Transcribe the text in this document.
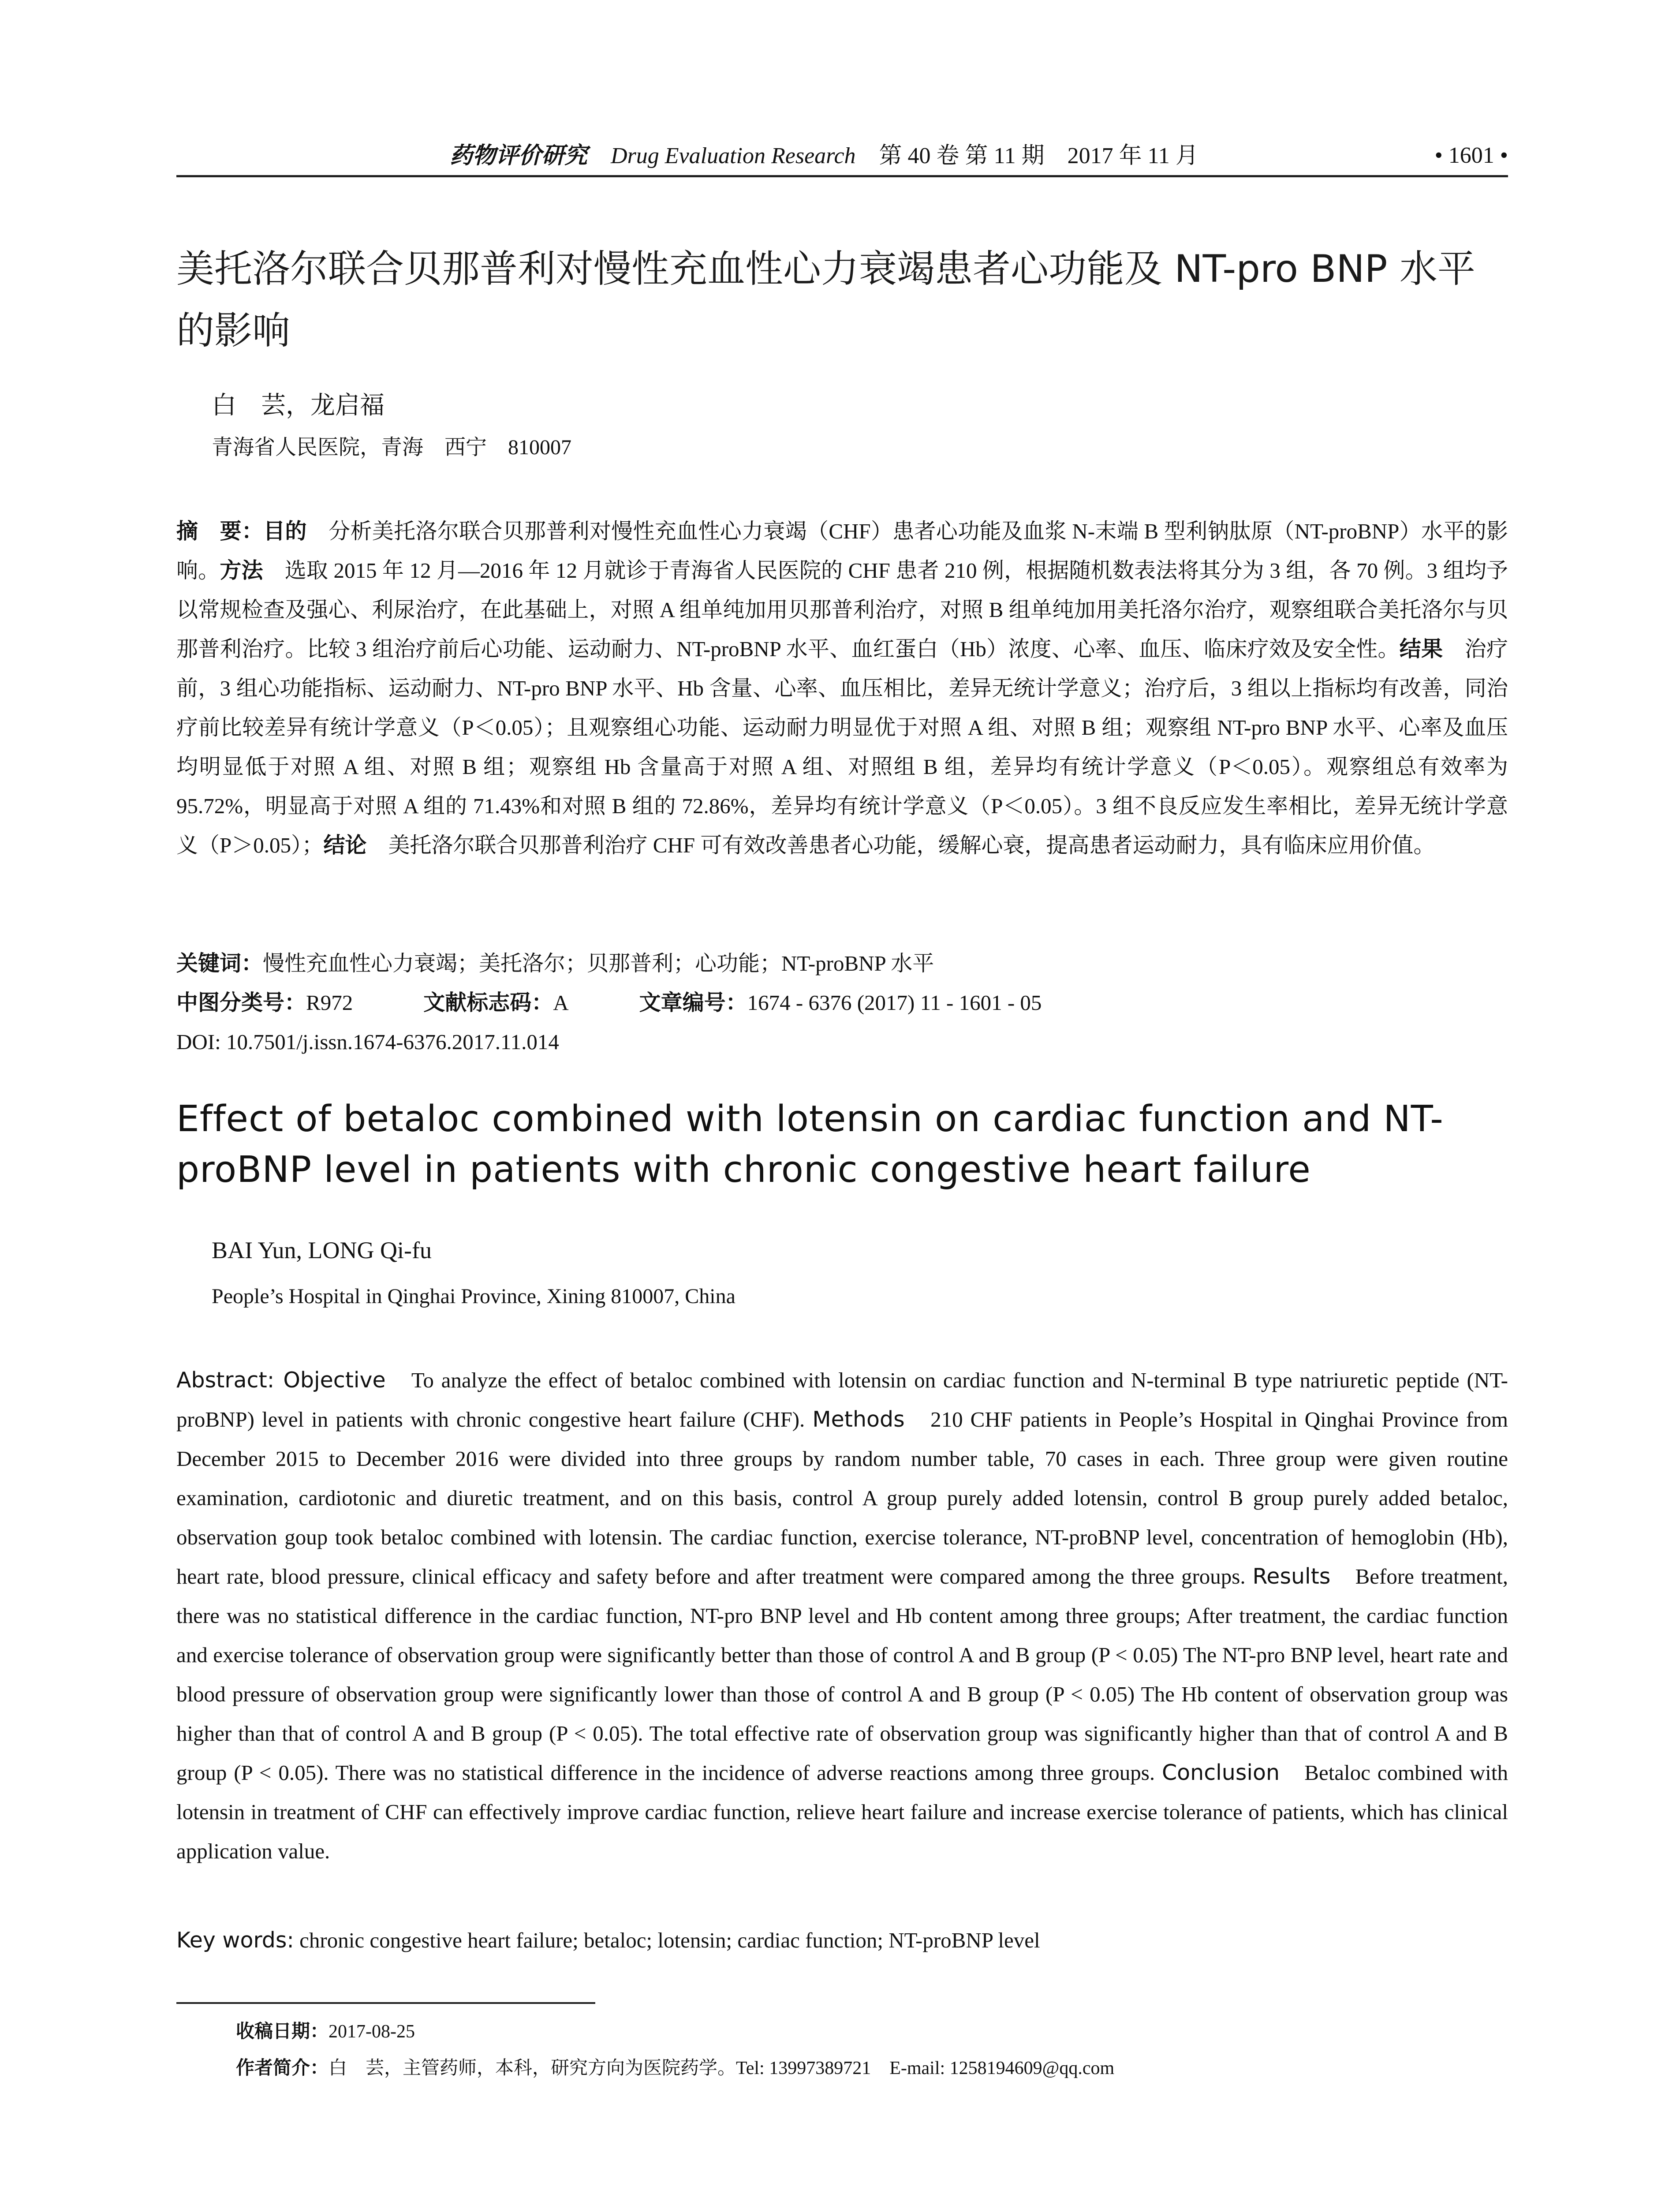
药物评价研究 Drug Evaluation Research 第 40 卷 第 11 期　2017 年 11 月	• 1601 •
美托洛尔联合贝那普利对慢性充血性心力衰竭患者心功能及 NT-pro BNP 水平的影响
白　芸，龙启福
青海省人民医院，青海　西宁　810007
摘　要：目的　分析美托洛尔联合贝那普利对慢性充血性心力衰竭（CHF）患者心功能及血浆 N-末端 B 型利钠肽原（NT-proBNP）水平的影响。方法　选取 2015 年 12 月—2016 年 12 月就诊于青海省人民医院的 CHF 患者 210 例，根据随机数表法将其分为 3 组，各 70 例。3 组均予以常规检查及强心、利尿治疗，在此基础上，对照 A 组单纯加用贝那普利治疗，对照 B 组单纯加用美托洛尔治疗，观察组联合美托洛尔与贝那普利治疗。比较 3 组治疗前后心功能、运动耐力、NT-proBNP 水平、血红蛋白（Hb）浓度、心率、血压、临床疗效及安全性。结果　治疗前，3 组心功能指标、运动耐力、NT-pro BNP 水平、Hb 含量、心率、血压相比，差异无统计学意义；治疗后，3 组以上指标均有改善，同治疗前比较差异有统计学意义（P＜0.05）；且观察组心功能、运动耐力明显优于对照 A 组、对照 B 组；观察组 NT-pro BNP 水平、心率及血压均明显低于对照 A 组、对照 B 组；观察组 Hb 含量高于对照 A 组、对照组 B 组，差异均有统计学意义（P＜0.05）。观察组总有效率为 95.72%，明显高于对照 A 组的 71.43%和对照 B 组的 72.86%，差异均有统计学意义（P＜0.05）。3 组不良反应发生率相比，差异无统计学意义（P＞0.05）；结论　美托洛尔联合贝那普利治疗 CHF 可有效改善患者心功能，缓解心衰，提高患者运动耐力，具有临床应用价值。
关键词：慢性充血性心力衰竭；美托洛尔；贝那普利；心功能；NT-proBNP 水平
中图分类号：R972	文献标志码：A	文章编号：1674 - 6376 (2017) 11 - 1601 - 05
DOI: 10.7501/j.issn.1674-6376.2017.11.014
Effect of betaloc combined with lotensin on cardiac function and NT-proBNP level in patients with chronic congestive heart failure
BAI Yun, LONG Qi-fu
People’s Hospital in Qinghai Province, Xining 810007, China
Abstract: Objective　To analyze the effect of betaloc combined with lotensin on cardiac function and N-terminal B type natriuretic peptide (NT-proBNP) level in patients with chronic congestive heart failure (CHF). Methods　210 CHF patients in People’s Hospital in Qinghai Province from December 2015 to December 2016 were divided into three groups by random number table, 70 cases in each. Three group were given routine examination, cardiotonic and diuretic treatment, and on this basis, control A group purely added lotensin, control B group purely added betaloc, observation goup took betaloc combined with lotensin. The cardiac function, exercise tolerance, NT-proBNP level, concentration of hemoglobin (Hb), heart rate, blood pressure, clinical efficacy and safety before and after treatment were compared among the three groups. Results　Before treatment, there was no statistical difference in the cardiac function, NT-pro BNP level and Hb content among three groups; After treatment, the cardiac function and exercise tolerance of observation group were significantly better than those of control A and B group (P < 0.05) The NT-pro BNP level, heart rate and blood pressure of observation group were significantly lower than those of control A and B group (P < 0.05) The Hb content of observation group was higher than that of control A and B group (P < 0.05). The total effective rate of observation group was significantly higher than that of control A and B group (P < 0.05). There was no statistical difference in the incidence of adverse reactions among three groups. Conclusion　Betaloc combined with lotensin in treatment of CHF can effectively improve cardiac function, relieve heart failure and increase exercise tolerance of patients, which has clinical application value.
Key words: chronic congestive heart failure; betaloc; lotensin; cardiac function; NT-proBNP level
收稿日期：2017-08-25
作者简介：白　芸，主管药师，本科，研究方向为医院药学。Tel: 13997389721　E-mail: 1258194609@qq.com
